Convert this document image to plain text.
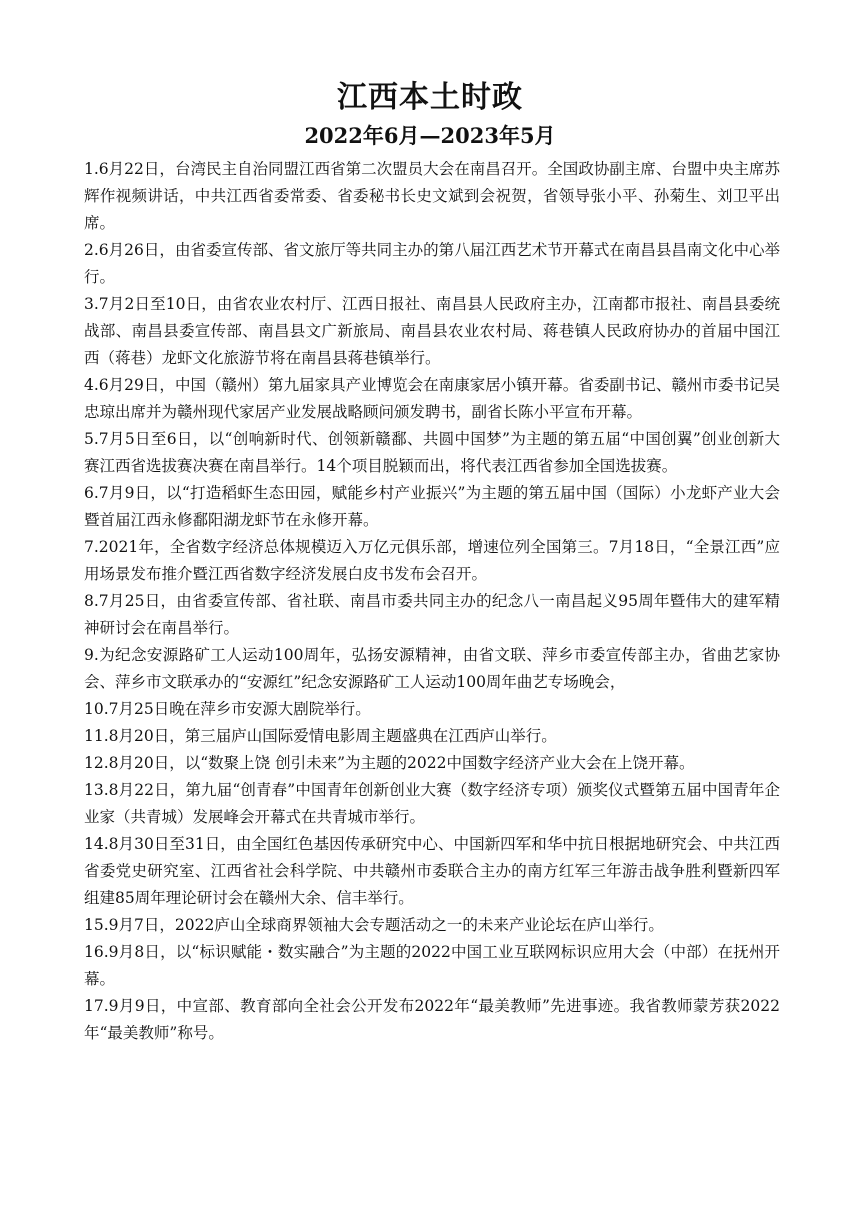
江西本土时政
2022年6月—2023年5月

1.6月22日，台湾民主自治同盟江西省第二次盟员大会在南昌召开。全国政协副主席、台盟中央主席苏辉作视频讲话，中共江西省委常委、省委秘书长史文斌到会祝贺，省领导张小平、孙菊生、刘卫平出席。

2.6月26日，由省委宣传部、省文旅厅等共同主办的第八届江西艺术节开幕式在南昌县昌南文化中心举行。

3.7月2日至10日，由省农业农村厅、江西日报社、南昌县人民政府主办，江南都市报社、南昌县委统战部、南昌县委宣传部、南昌县文广新旅局、南昌县农业农村局、蒋巷镇人民政府协办的首届中国江西（蒋巷）龙虾文化旅游节将在南昌县蒋巷镇举行。

4.6月29日，中国（赣州）第九届家具产业博览会在南康家居小镇开幕。省委副书记、赣州市委书记吴忠琼出席并为赣州现代家居产业发展战略顾问颁发聘书，副省长陈小平宣布开幕。

5.7月5日至6日，以“创响新时代、创领新赣鄱、共圆中国梦”为主题的第五届“中国创翼”创业创新大赛江西省选拔赛决赛在南昌举行。14个项目脱颖而出，将代表江西省参加全国选拔赛。

6.7月9日，以“打造稻虾生态田园，赋能乡村产业振兴”为主题的第五届中国（国际）小龙虾产业大会暨首届江西永修鄱阳湖龙虾节在永修开幕。

7.2021年，全省数字经济总体规模迈入万亿元俱乐部，增速位列全国第三。7月18日，“全景江西”应用场景发布推介暨江西省数字经济发展白皮书发布会召开。

8.7月25日，由省委宣传部、省社联、南昌市委共同主办的纪念八一南昌起义95周年暨伟大的建军精神研讨会在南昌举行。

9.为纪念安源路矿工人运动100周年，弘扬安源精神，由省文联、萍乡市委宣传部主办，省曲艺家协会、萍乡市文联承办的“安源红”纪念安源路矿工人运动100周年曲艺专场晚会，

10.7月25日晚在萍乡市安源大剧院举行。

11.8月20日，第三届庐山国际爱情电影周主题盛典在江西庐山举行。

12.8月20日，以“数聚上饶 创引未来”为主题的2022中国数字经济产业大会在上饶开幕。

13.8月22日，第九届“创青春”中国青年创新创业大赛（数字经济专项）颁奖仪式暨第五届中国青年企业家（共青城）发展峰会开幕式在共青城市举行。

14.8月30日至31日，由全国红色基因传承研究中心、中国新四军和华中抗日根据地研究会、中共江西省委党史研究室、江西省社会科学院、中共赣州市委联合主办的南方红军三年游击战争胜利暨新四军组建85周年理论研讨会在赣州大余、信丰举行。

15.9月7日，2022庐山全球商界领袖大会专题活动之一的未来产业论坛在庐山举行。

16.9月8日，以“标识赋能・数实融合”为主题的2022中国工业互联网标识应用大会（中部）在抚州开幕。

17.9月9日，中宣部、教育部向全社会公开发布2022年“最美教师”先进事迹。我省教师蒙芳获2022年“最美教师”称号。
